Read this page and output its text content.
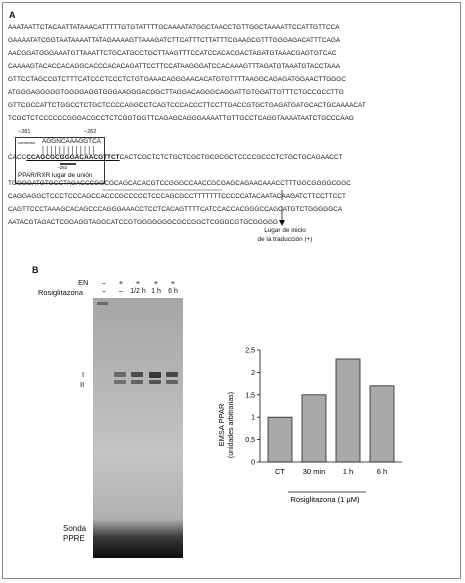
A
AAATAATTCTACAATTATAAACATTTTTGTGTATTTTGCAAAATATGGCTAACCTGTTGGCTAAAATTCCATTGTTCCA
GAAAATATCGGTAATAAAATTATAGAAAAGTTAAAGATCTTCATTTCTTATTTCGAAGCGTTTGGGAGACATTTCAGA
AACGGATGGGAAATGTTAAATTCTGCATGCCTGCTTAAGTTTCCATCCACACGACTAGATGTAAACGAGTGTCAC
CAAAAGTACACCACAGGCACCCACACAGATTCCTTCCATAAGGGATCCACAAAGTTTAGATGTAAATGTACCTAAA
GTTCCTAGCCGTCTTTCATCCCTCCCTCTGTGAAACAGGGAACACATGTGTTTTAAGGCAGAGATGGAACTTGGGC
ATGGGAGGGGGTGGGGAGGTGGGAAGGGACGGCTTAGGACAGGGCAGGATTGTGGATTGTTTCTGCCGCCTTG
GTTCGCCATTCTGGCCTCTGCTCCCCAGGCCTCAGTCCCACCCTTCCTTGACCGTGCTGAGATGATGCACTGCAAAACAT
TCGCTCTCCCCCCGGGACGCCTCTCGGTGGTTCAGAGCAGGGAAAATTGTTGCCTCAGGTAAAATAATCTGCCCAAG
−281	−262
consenso AGGNCAAAGGTCA
CACCCCAGCGCGGGACAACGTTCTCACTCGCTCTCTGCTCGCTGCGCGCTCCCCGCCCTCTGCTGCAGAACCT
−282
PPAR/RXR lugar de unión
TGGGGATGTGCCTAGACCCGGCGCAGCACACGTCCGGGCCAACCGCGAGCAGAACAAACCTTTGGCGGGGCGGC
CAGGAGGCTCCCTCCCAGCCACCCGCCCCCTCCCAGCGCCTTTTTTTCCCCCATACAATACAAGATCTTCCTTCCT
CAGTTCCCTAAAGCACAGCCCAGGGAAACCTCCTCACAGTTTTCATCCACCACGGGCCAGCATGTCTGGGGGCA
AATACGTAGACTCGGAGGTAGGCATCCGTGGGGGGGCGCCGGCTCGGGCGTGCGGGGG
Lugar de inicio
de la traducción (+)
B
EN
Rosiglitazona
–	+	+	+	+
–	–	1/2 h 1 h	6 h
I
II
Sonda
PPRE
0
0,5
1
1,5
2
2,5
CT 30 min 1 h	6 h
EMSA PPAR (unidades arbitrarias)
Rosiglitazona (1 μM)
